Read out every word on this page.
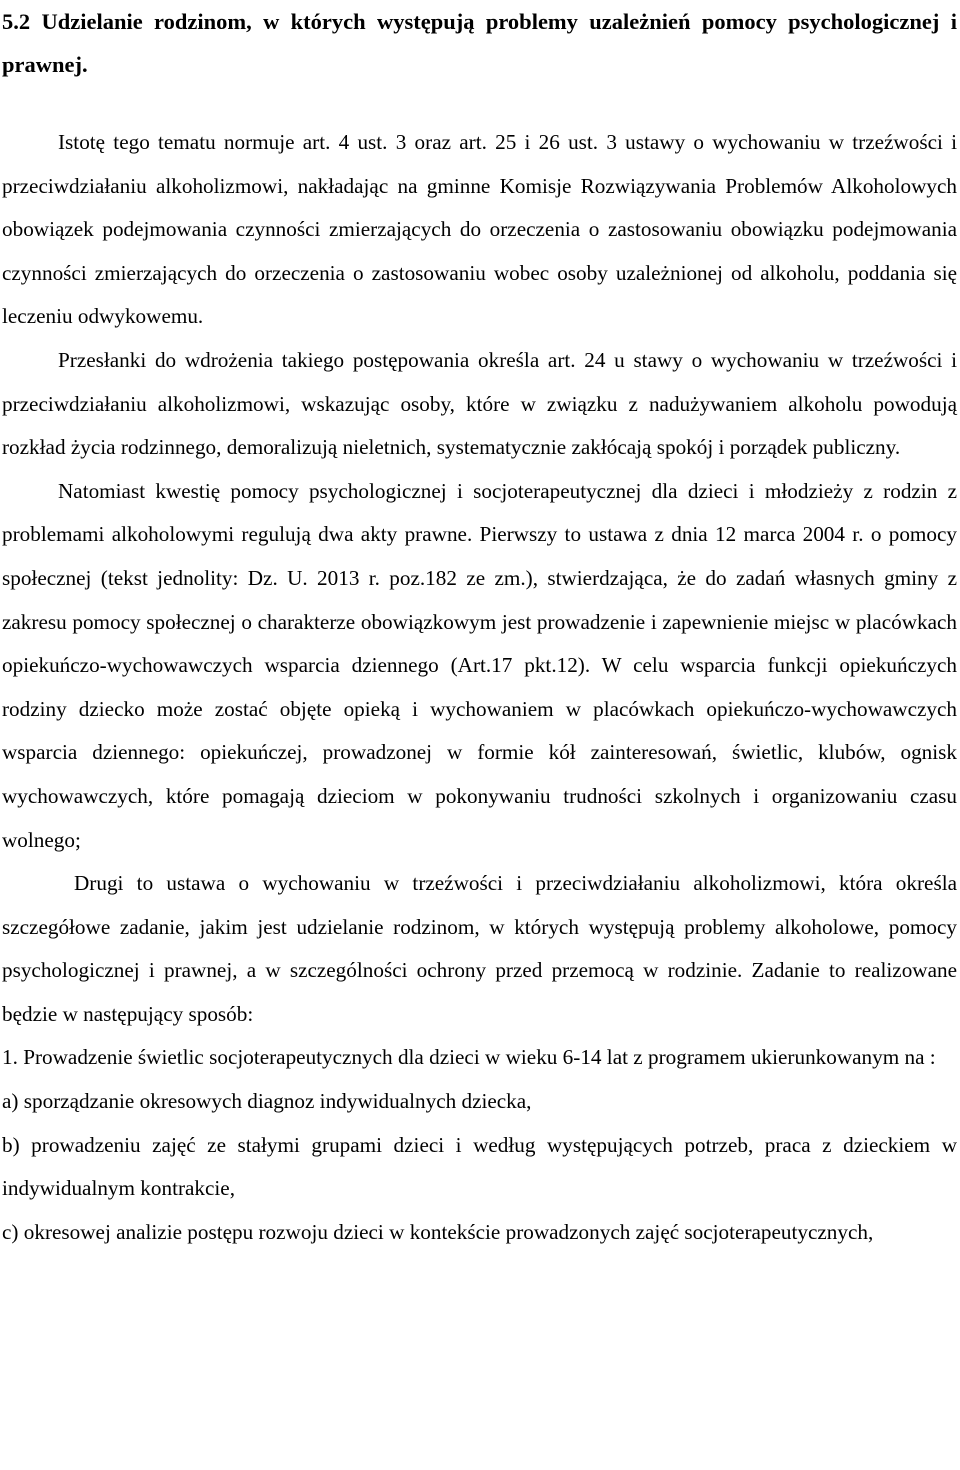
5.2 Udzielanie rodzinom, w których występują problemy uzależnień pomocy psychologicznej i prawnej.

Istotę tego tematu normuje art. 4 ust. 3 oraz art. 25 i 26 ust. 3 ustawy o wychowaniu w trzeźwości i przeciwdziałaniu alkoholizmowi, nakładając na gminne Komisje Rozwiązywania Problemów Alkoholowych obowiązek podejmowania czynności zmierzających do orzeczenia o zastosowaniu obowiązku podejmowania czynności zmierzających do orzeczenia o zastosowaniu wobec osoby uzależnionej od alkoholu, poddania się leczeniu odwykowemu.

Przesłanki do wdrożenia takiego postępowania określa art. 24 u stawy o wychowaniu w trzeźwości i przeciwdziałaniu alkoholizmowi, wskazując osoby, które w związku z nadużywaniem alkoholu powodują rozkład życia rodzinnego, demoralizują nieletnich, systematycznie zakłócają spokój i porządek publiczny.

Natomiast kwestię pomocy psychologicznej i socjoterapeutycznej dla dzieci i młodzieży z rodzin z problemami alkoholowymi regulują dwa akty prawne. Pierwszy to ustawa z dnia 12 marca 2004 r. o pomocy społecznej (tekst jednolity: Dz. U. 2013 r. poz.182 ze zm.), stwierdzająca, że do zadań własnych gminy z zakresu pomocy społecznej o charakterze obowiązkowym jest prowadzenie i zapewnienie miejsc w placówkach opiekuńczo-wychowawczych wsparcia dziennego (Art.17 pkt.12). W celu wsparcia funkcji opiekuńczych rodziny dziecko może zostać objęte opieką i wychowaniem w placówkach opiekuńczo-wychowawczych wsparcia dziennego: opiekuńczej, prowadzonej w formie kół zainteresowań, świetlic, klubów, ognisk wychowawczych, które pomagają dzieciom w pokonywaniu trudności szkolnych i organizowaniu czasu wolnego;

Drugi to ustawa o wychowaniu w trzeźwości i przeciwdziałaniu alkoholizmowi, która określa szczegółowe zadanie, jakim jest udzielanie rodzinom, w których występują problemy alkoholowe, pomocy psychologicznej i prawnej, a w szczególności ochrony przed przemocą w rodzinie. Zadanie to realizowane będzie w następujący sposób:

1. Prowadzenie świetlic socjoterapeutycznych dla dzieci w wieku 6-14 lat z programem ukierunkowanym na :

a) sporządzanie okresowych diagnoz indywidualnych dziecka,

b) prowadzeniu zajęć ze stałymi grupami dzieci i według występujących potrzeb, praca z dzieckiem w indywidualnym kontrakcie,

c) okresowej analizie postępu rozwoju dzieci w kontekście prowadzonych zajęć socjoterapeutycznych,
